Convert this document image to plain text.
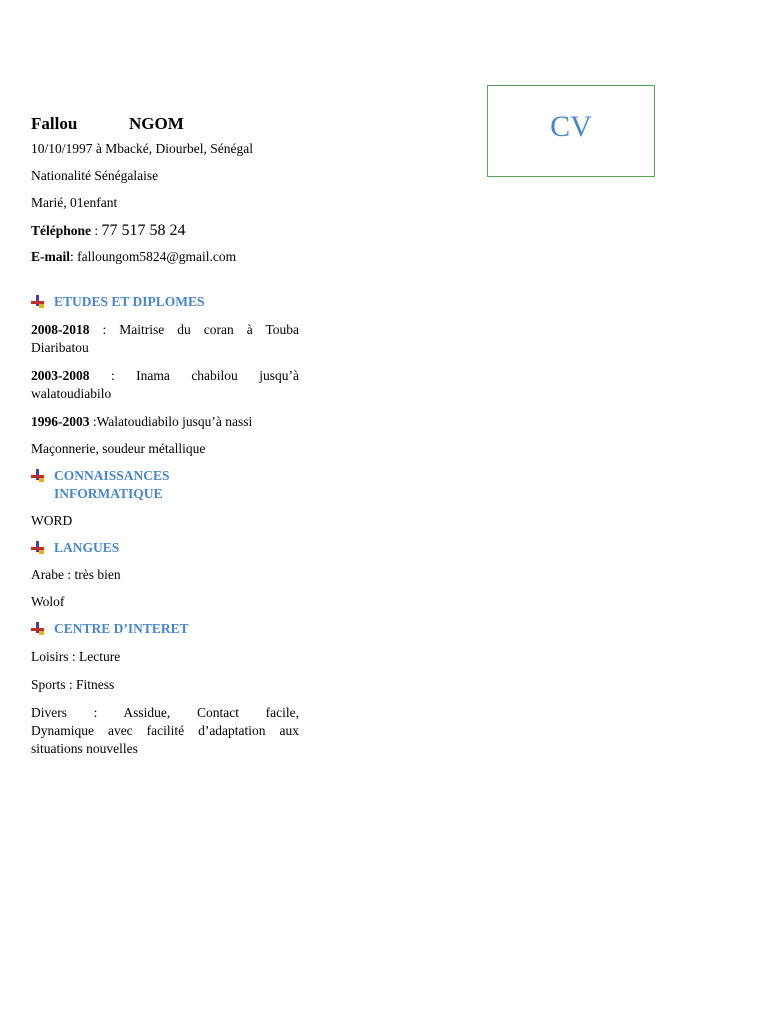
CV
Fallou	NGOM
10/10/1997 à Mbacké, Diourbel, Sénégal
Nationalité Sénégalaise
Marié, 01enfant
Téléphone : 77 517 58 24
E-mail: falloungom5824@gmail.com
ETUDES ET DIPLOMES
2008-2018 : Maitrise du coran à Touba
Diaribatou
2003-2008 : Inama chabilou jusqu’à
walatoudiabilo
1996-2003 :Walatoudiabilo jusqu’à nassi
Maçonnerie, soudeur métallique
CONNAISSANCES INFORMATIQUE
WORD
LANGUES
Arabe : très bien
Wolof
CENTRE D’INTERET
Loisirs : Lecture
Sports : Fitness
Divers : Assidue, Contact facile,
Dynamique avec facilité d’adaptation aux
situations nouvelles
